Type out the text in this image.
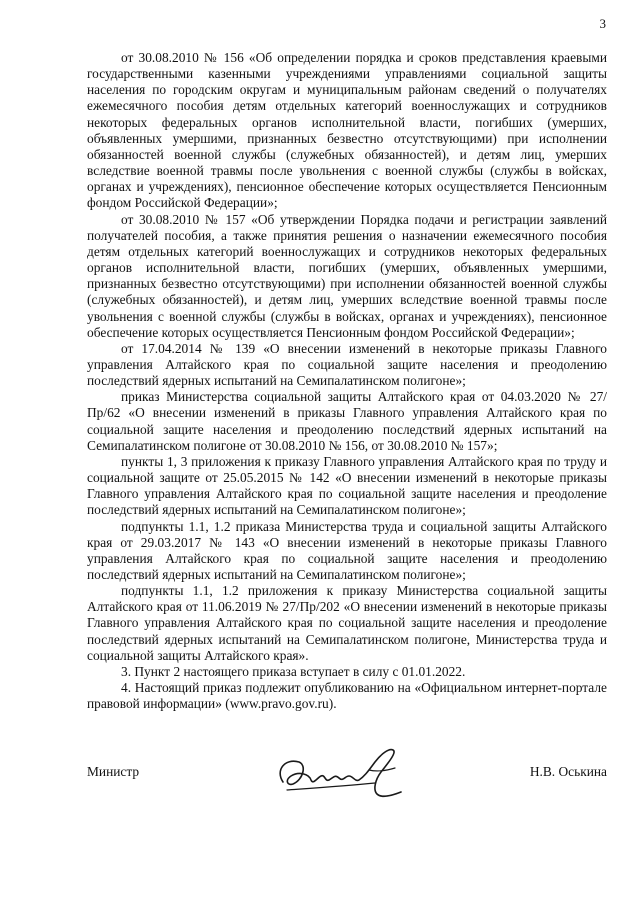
3

от 30.08.2010 № 156 «Об определении порядка и сроков представления краевыми государственными казенными учреждениями управлениями социальной защиты населения по городским округам и муниципальным районам сведений о получателях ежемесячного пособия детям отдельных категорий военнослужащих и сотрудников некоторых федеральных органов исполнительной власти, погибших (умерших, объявленных умершими, признанных безвестно отсутствующими) при исполнении обязанностей военной службы (служебных обязанностей), и детям лиц, умерших вследствие военной травмы после увольнения с военной службы (службы в войсках, органах и учреждениях), пенсионное обеспечение которых осуществляется Пенсионным фондом Российской Федерации»;

от 30.08.2010 № 157 «Об утверждении Порядка подачи и регистрации заявлений получателей пособия, а также принятия решения о назначении ежемесячного пособия детям отдельных категорий военнослужащих и сотрудников некоторых федеральных органов исполнительной власти, погибших (умерших, объявленных умершими, признанных безвестно отсутствующими) при исполнении обязанностей военной службы (служебных обязанностей), и детям лиц, умерших вследствие военной травмы после увольнения с военной службы (службы в войсках, органах и учреждениях), пенсионное обеспечение которых осуществляется Пенсионным фондом Российской Федерации»;

от 17.04.2014 № 139 «О внесении изменений в некоторые приказы Главного управления Алтайского края по социальной защите населения и преодолению последствий ядерных испытаний на Семипалатинском полигоне»;

приказ Министерства социальной защиты Алтайского края от 04.03.2020 № 27/Пр/62 «О внесении изменений в приказы Главного управления Алтайского края по социальной защите населения и преодолению последствий ядерных испытаний на Семипалатинском полигоне от 30.08.2010 № 156, от 30.08.2010 № 157»;

пункты 1, 3 приложения к приказу Главного управления Алтайского края по труду и социальной защите от 25.05.2015 № 142 «О внесении изменений в некоторые приказы Главного управления Алтайского края по социальной защите населения и преодоление последствий ядерных испытаний на Семипалатинском полигоне»;

подпункты 1.1, 1.2 приказа Министерства труда и социальной защиты Алтайского края от 29.03.2017 № 143 «О внесении изменений в некоторые приказы Главного управления Алтайского края по социальной защите населения и преодолению последствий ядерных испытаний на Семипалатинском полигоне»;

подпункты 1.1, 1.2 приложения к приказу Министерства социальной защиты Алтайского края от 11.06.2019 № 27/Пр/202 «О внесении изменений в некоторые приказы Главного управления Алтайского края по социальной защите населения и преодоление последствий ядерных испытаний на Семипалатинском полигоне, Министерства труда и социальной защиты Алтайского края».

3. Пункт 2 настоящего приказа вступает в силу с 01.01.2022.

4. Настоящий приказ подлежит опубликованию на «Официальном интернет-портале правовой информации» (www.pravo.gov.ru).

Министр	Н.В. Оськина
